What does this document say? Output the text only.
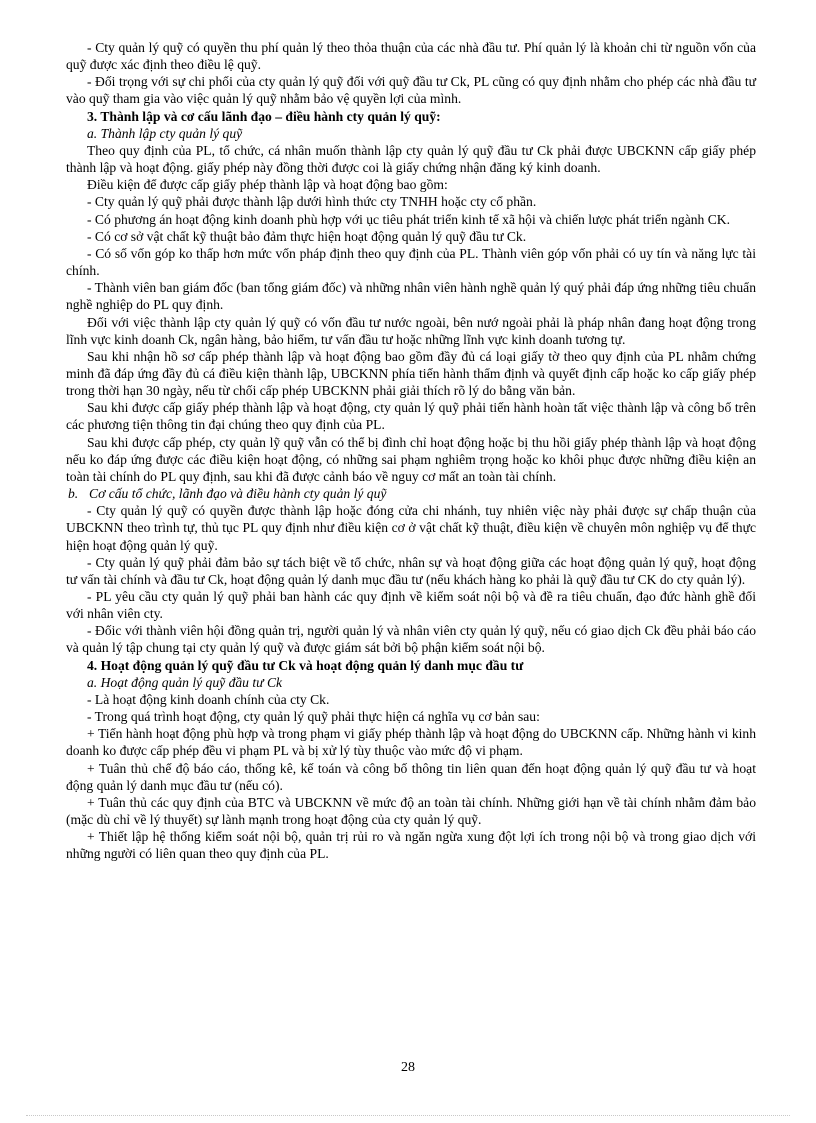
- Cty quản lý quỹ có quyền thu phí quản lý theo thỏa thuận của các nhà đầu tư. Phí quản lý là khoản chi từ nguồn vốn của quỹ được xác định theo điều lệ quỹ.

- Đối trọng với sự chi phối của cty quản lý quỹ đối với quỹ đầu tư Ck, PL cũng có quy định nhằm cho phép các nhà đầu tư vào quỹ tham gia vào việc quản lý quỹ nhằm bảo vệ quyền lợi của mình.

3. Thành lập và cơ cấu lãnh đạo – điều hành cty quản lý quỹ:

a. Thành lập cty quản lý quỹ

Theo quy định của PL, tổ chức, cá nhân muốn thành lập cty quản lý quỹ đầu tư Ck phải được UBCKNN cấp giấy phép thành lập và hoạt động. giấy phép này đồng thời được coi là giấy chứng nhận đăng ký kinh doanh.

Điều kiện để được cấp giấy phép thành lập và hoạt động bao gồm:

- Cty quản lý quỹ phải được thành lập dưới hình thức cty TNHH hoặc cty cổ phần.

- Có phương án hoạt động kinh doanh phù hợp với ục tiêu phát triển kinh tế xã hội và chiến lược phát triển ngành CK.

- Có cơ sở vật chất kỹ thuật bảo đảm thực hiện hoạt động quản lý quỹ đầu tư Ck.

- Có số vốn góp ko thấp hơn mức vốn pháp định theo quy định của PL. Thành viên góp vốn phải có uy tín và năng lực tài chính.

- Thành viên ban giám đốc (ban tổng giám đốc) và những nhân viên hành nghề quản lý quý phải đáp ứng những tiêu chuẩn nghề nghiệp do PL quy định.

Đối với việc thành lập cty quản lý quỹ có vốn đầu tư nước ngoài, bên nướ ngoài phải là pháp nhân đang hoạt động trong lĩnh vực kinh doanh Ck, ngân hàng, bảo hiểm, tư vấn đầu tư hoặc những lĩnh vực kinh doanh tương tự.

Sau khi nhận hồ sơ cấp phép thành lập và hoạt động bao gồm đầy đủ cá loại giấy tờ theo quy định của PL nhằm chứng minh đã đáp ứng đầy đủ cá điều kiện thành lập, UBCKNN phía tiến hành thẩm định và quyết định cấp hoặc ko cấp giấy phép trong thời hạn 30 ngày, nếu từ chối cấp phép UBCKNN phải giải thích rõ lý do bằng văn bản.

Sau khi được cấp giấy phép thành lập và hoạt động, cty quản lý quỹ phải tiến hành hoàn tất việc thành lập và công bố trên các phương tiện thông tin đại chúng theo quy định của PL.

Sau khi được cấp phép, cty quản lỹ quỹ vẫn có thể bị đình chỉ hoạt động hoặc bị thu hồi giấy phép thành lập và hoạt động nếu ko đáp ứng được các điều kiện hoạt động, có những sai phạm nghiêm trọng hoặc ko khôi phục được những điều kiện an toàn tài chính do PL quy định, sau khi đã được cảnh báo về nguy cơ mất an toàn tài chính.

b. Cơ cấu tổ chức, lãnh đạo và điều hành cty quản lý quỹ

- Cty quản lý quỹ có quyền được thành lập hoặc đóng cửa chi nhánh, tuy nhiên việc này phải được sự chấp thuận của UBCKNN theo trình tự, thủ tục PL quy định như điều kiện cơ ở vật chất kỹ thuật, điều kiện về chuyên môn nghiệp vụ để thực hiện hoạt động quản lý quỹ.

- Cty quản lý quỹ phải đảm bảo sự tách biệt về tổ chức, nhân sự và hoạt động giữa các hoạt động quản lý quỹ, hoạt động tư vấn tài chính và đầu tư Ck, hoạt động quản lý danh mục đầu tư (nếu khách hàng ko phải là quỹ đầu tư CK do cty quản lý).

- PL yêu cầu cty quản lý quỹ phải ban hành các quy định về kiểm soát nội bộ và đề ra tiêu chuẩn, đạo đức hành ghề đối với nhân viên cty.

- Đốic với thành viên hội đồng quản trị, người quản lý và nhân viên cty quản lý quỹ, nếu có giao dịch Ck đều phải báo cáo và quản lý tập chung tại cty quản lý quỹ và được giám sát bởi bộ phận kiểm soát nội bộ.

4. Hoạt động quản lý quỹ đầu tư Ck và hoạt động quản lý danh mục đầu tư

a. Hoạt động quản lý quỹ đầu tư Ck

- Là hoạt động kinh doanh chính của cty Ck.

- Trong quá trình hoạt động, cty quản lý quỹ phải thực hiện cá nghĩa vụ cơ bản sau:

+ Tiến hành hoạt động phù hợp và trong phạm vi giấy phép thành lập và hoạt động do UBCKNN cấp. Những hành vi kinh doanh ko được cấp phép đều vi phạm PL và bị xử lý tùy thuộc vào mức độ vi phạm.

+ Tuân thủ chế độ báo cáo, thống kê, kế toán và công bố thông tin liên quan đến hoạt động quản lý quỹ đầu tư và hoạt động quản lý danh mục đầu tư (nếu có).

+ Tuân thủ các quy định của BTC và UBCKNN về mức độ an toàn tài chính. Những giới hạn về tài chính nhằm đảm bảo (mặc dù chỉ về lý thuyết) sự lành mạnh trong hoạt động của cty quản lý quỹ.

+ Thiết lập hệ thống kiểm soát nội bộ, quản trị rủi ro và ngăn ngừa xung đột lợi ích trong nội bộ và trong giao dịch với những người có liên quan theo quy định của PL.

28
